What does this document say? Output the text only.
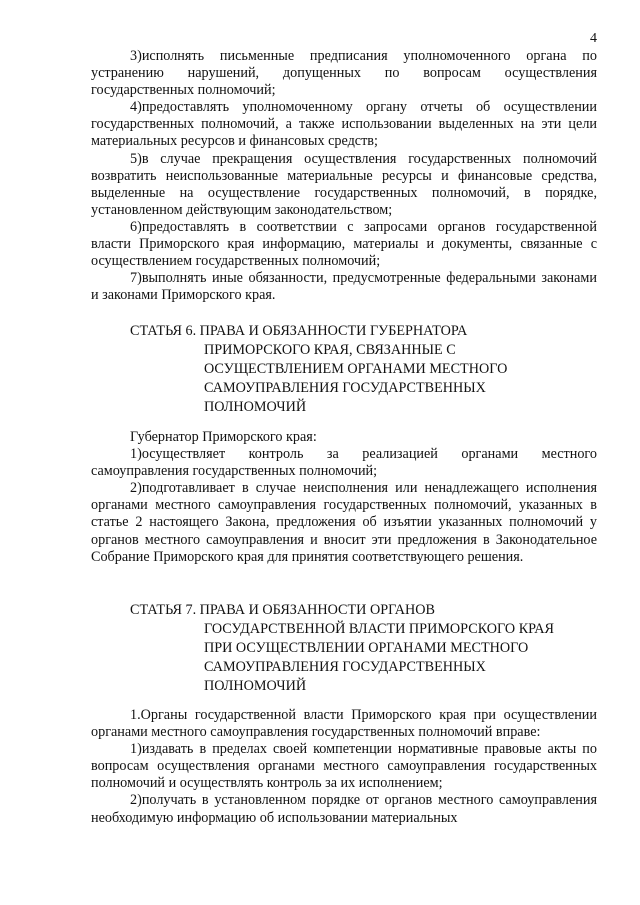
4

3)исполнять письменные предписания уполномоченного органа по устранению нарушений, допущенных по вопросам осуществления государственных полномочий;

4)предоставлять уполномоченному органу отчеты об осуществлении государственных полномочий, а также использовании выделенных на эти цели материальных ресурсов и финансовых средств;

5)в случае прекращения осуществления государственных полномочий возвратить неиспользованные материальные ресурсы и финансовые средства, выделенные на осуществление государственных полномочий, в порядке, установленном действующим законодательством;

6)предоставлять в соответствии с запросами органов государственной власти Приморского края информацию, материалы и документы, связанные с осуществлением государственных полномочий;

7)выполнять иные обязанности, предусмотренные федеральными законами и законами Приморского края.

СТАТЬЯ 6. ПРАВА И ОБЯЗАННОСТИ ГУБЕРНАТОРА
ПРИМОРСКОГО КРАЯ, СВЯЗАННЫЕ С
ОСУЩЕСТВЛЕНИЕМ ОРГАНАМИ МЕСТНОГО
САМОУПРАВЛЕНИЯ ГОСУДАРСТВЕННЫХ
ПОЛНОМОЧИЙ

Губернатор Приморского края:

1)осуществляет контроль за реализацией органами местного самоуправления государственных полномочий;

2)подготавливает в случае неисполнения или ненадлежащего исполнения органами местного самоуправления государственных полномочий, указанных в статье 2 настоящего Закона, предложения об изъятии указанных полномочий у органов местного самоуправления и вносит эти предложения в Законодательное Собрание Приморского края для принятия соответствующего решения.

СТАТЬЯ 7. ПРАВА И ОБЯЗАННОСТИ ОРГАНОВ
ГОСУДАРСТВЕННОЙ ВЛАСТИ ПРИМОРСКОГО КРАЯ
ПРИ ОСУЩЕСТВЛЕНИИ ОРГАНАМИ МЕСТНОГО
САМОУПРАВЛЕНИЯ ГОСУДАРСТВЕННЫХ
ПОЛНОМОЧИЙ

1.Органы государственной власти Приморского края при осуществлении органами местного самоуправления государственных полномочий вправе:

1)издавать в пределах своей компетенции нормативные правовые акты по вопросам осуществления органами местного самоуправления государственных полномочий и осуществлять контроль за их исполнением;

2)получать в установленном порядке от органов местного самоуправления необходимую информацию об использовании материальных
